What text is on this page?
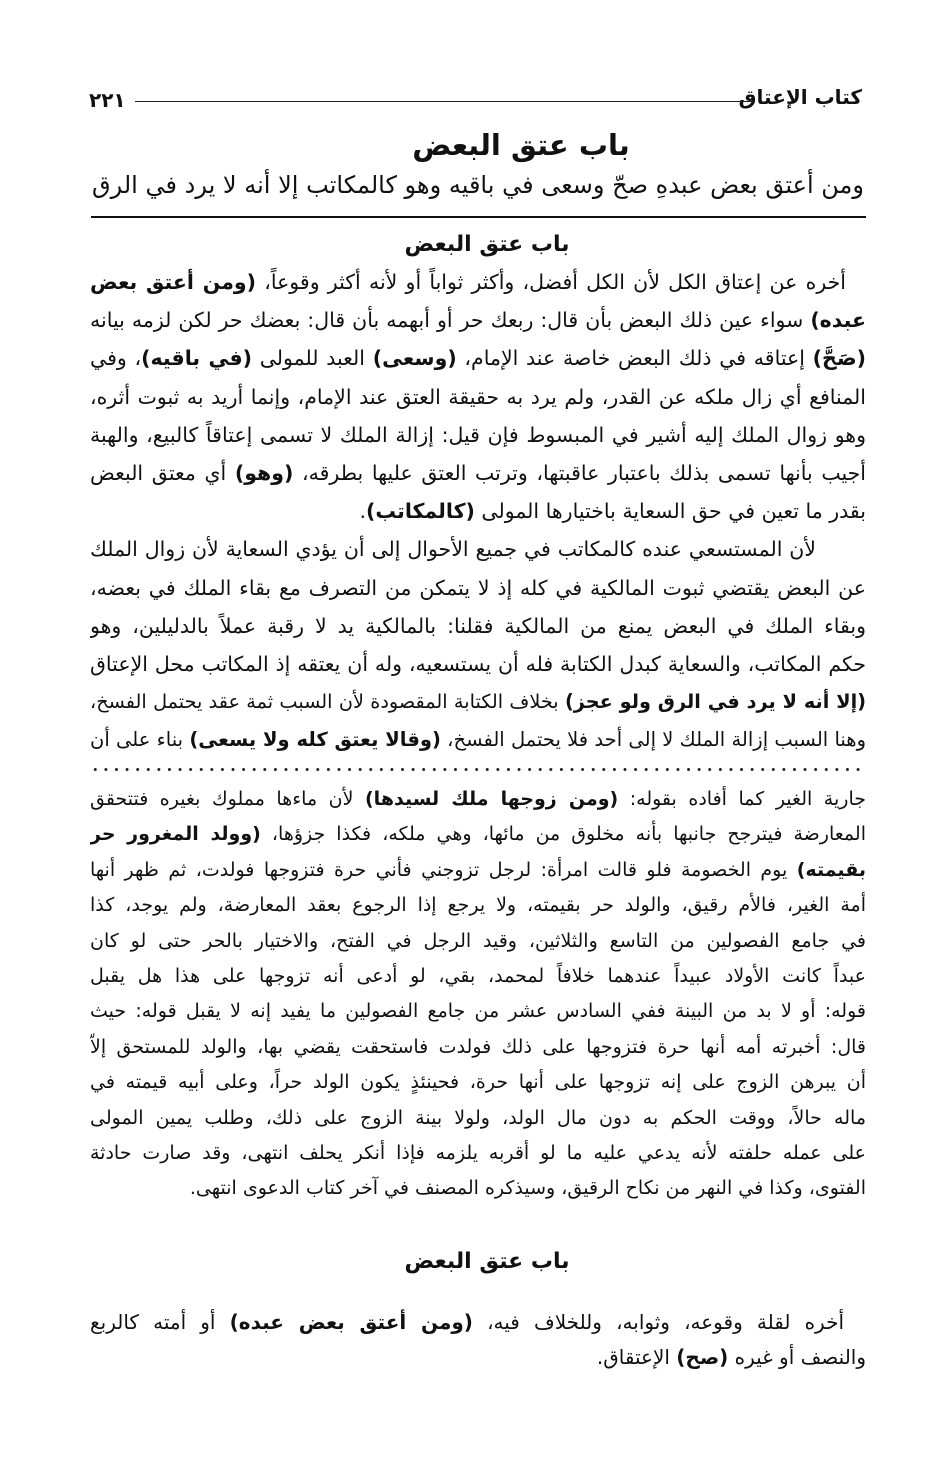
كتاب الإعتاق
٢٢١
باب عتق البعض
ومن أعتق بعض عبدهِ صحّ وسعى في باقيه وهو كالمكاتب إلا أنه لا يرد في الرق
باب عتق البعض
أخره عن إعتاق الكل لأن الكل أفضل، وأكثر ثواباً أو لأنه أكثر وقوعاً، (ومن أعتق بعض
عبده) سواء عين ذلك البعض بأن قال: ربعك حر أو أبهمه بأن قال: بعضك حر لكن لزمه بيانه
(صَحَّ) إعتاقه في ذلك البعض خاصة عند الإمام، (وسعى) العبد للمولى (في باقيه)، وفي
المنافع أي زال ملكه عن القدر، ولم يرد به حقيقة العتق عند الإمام، وإنما أريد به ثبوت أثره،
وهو زوال الملك إليه أشير في المبسوط فإن قيل: إزالة الملك لا تسمى إعتاقاً كالبيع، والهبة
أجيب بأنها تسمى بذلك باعتبار عاقبتها، وترتب العتق عليها بطرقه، (وهو) أي معتق البعض
بقدر ما تعين في حق السعاية باختيارها المولى (كالمكاتب).
لأن المستسعي عنده كالمكاتب في جميع الأحوال إلى أن يؤدي السعاية لأن زوال الملك
عن البعض يقتضي ثبوت المالكية في كله إذ لا يتمكن من التصرف مع بقاء الملك في بعضه،
وبقاء الملك في البعض يمنع من المالكية فقلنا: بالمالكية يد لا رقبة عملاً بالدليلين، وهو
حكم المكاتب، والسعاية كبدل الكتابة فله أن يستسعيه، وله أن يعتقه إذ المكاتب محل الإعتاق
(إلا أنه لا يرد في الرق ولو عجز) بخلاف الكتابة المقصودة لأن السبب ثمة عقد يحتمل الفسخ،
وهنا السبب إزالة الملك لا إلى أحد فلا يحتمل الفسخ، (وقالا يعتق كله ولا يسعى) بناء على أن
جارية الغير كما أفاده بقوله: (ومن زوجها ملك لسيدها) لأن ماءها مملوك بغيره فتتحقق
المعارضة فيترجح جانبها بأنه مخلوق من مائها، وهي ملكه، فكذا جزؤها، (وولد المغرور حر
بقيمته) يوم الخصومة فلو قالت امرأة: لرجل تزوجني فأني حرة فتزوجها فولدت، ثم ظهر أنها
أمة الغير، فالأم رقيق، والولد حر بقيمته، ولا يرجع إذا الرجوع بعقد المعارضة، ولم يوجد، كذا
في جامع الفصولين من التاسع والثلاثين، وقيد الرجل في الفتح، والاختيار بالحر حتى لو كان
عبداً كانت الأولاد عبيداً عندهما خلافاً لمحمد، بقي، لو أدعى أنه تزوجها على هذا هل يقبل
قوله: أو لا بد من البينة ففي السادس عشر من جامع الفصولين ما يفيد إنه لا يقبل قوله: حيث
قال: أخبرته أمه أنها حرة فتزوجها على ذلك فولدت فاستحقت يقضي بها، والولد للمستحق إلاّ
أن يبرهن الزوج على إنه تزوجها على أنها حرة، فحينئذٍ يكون الولد حراً، وعلى أبيه قيمته في
ماله حالاً، ووقت الحكم به دون مال الولد، ولولا بينة الزوج على ذلك، وطلب يمين المولى
على عمله حلفته لأنه يدعي عليه ما لو أقربه يلزمه فإذا أنكر يحلف انتهى، وقد صارت حادثة
الفتوى، وكذا في النهر من نكاح الرقيق، وسيذكره المصنف في آخر كتاب الدعوى انتهى.
باب عتق البعض
أخره لقلة وقوعه، وثوابه، وللخلاف فيه، (ومن أعتق بعض عبده) أو أمته كالربع
والنصف أو غيره (صح) الإعتقاق.
